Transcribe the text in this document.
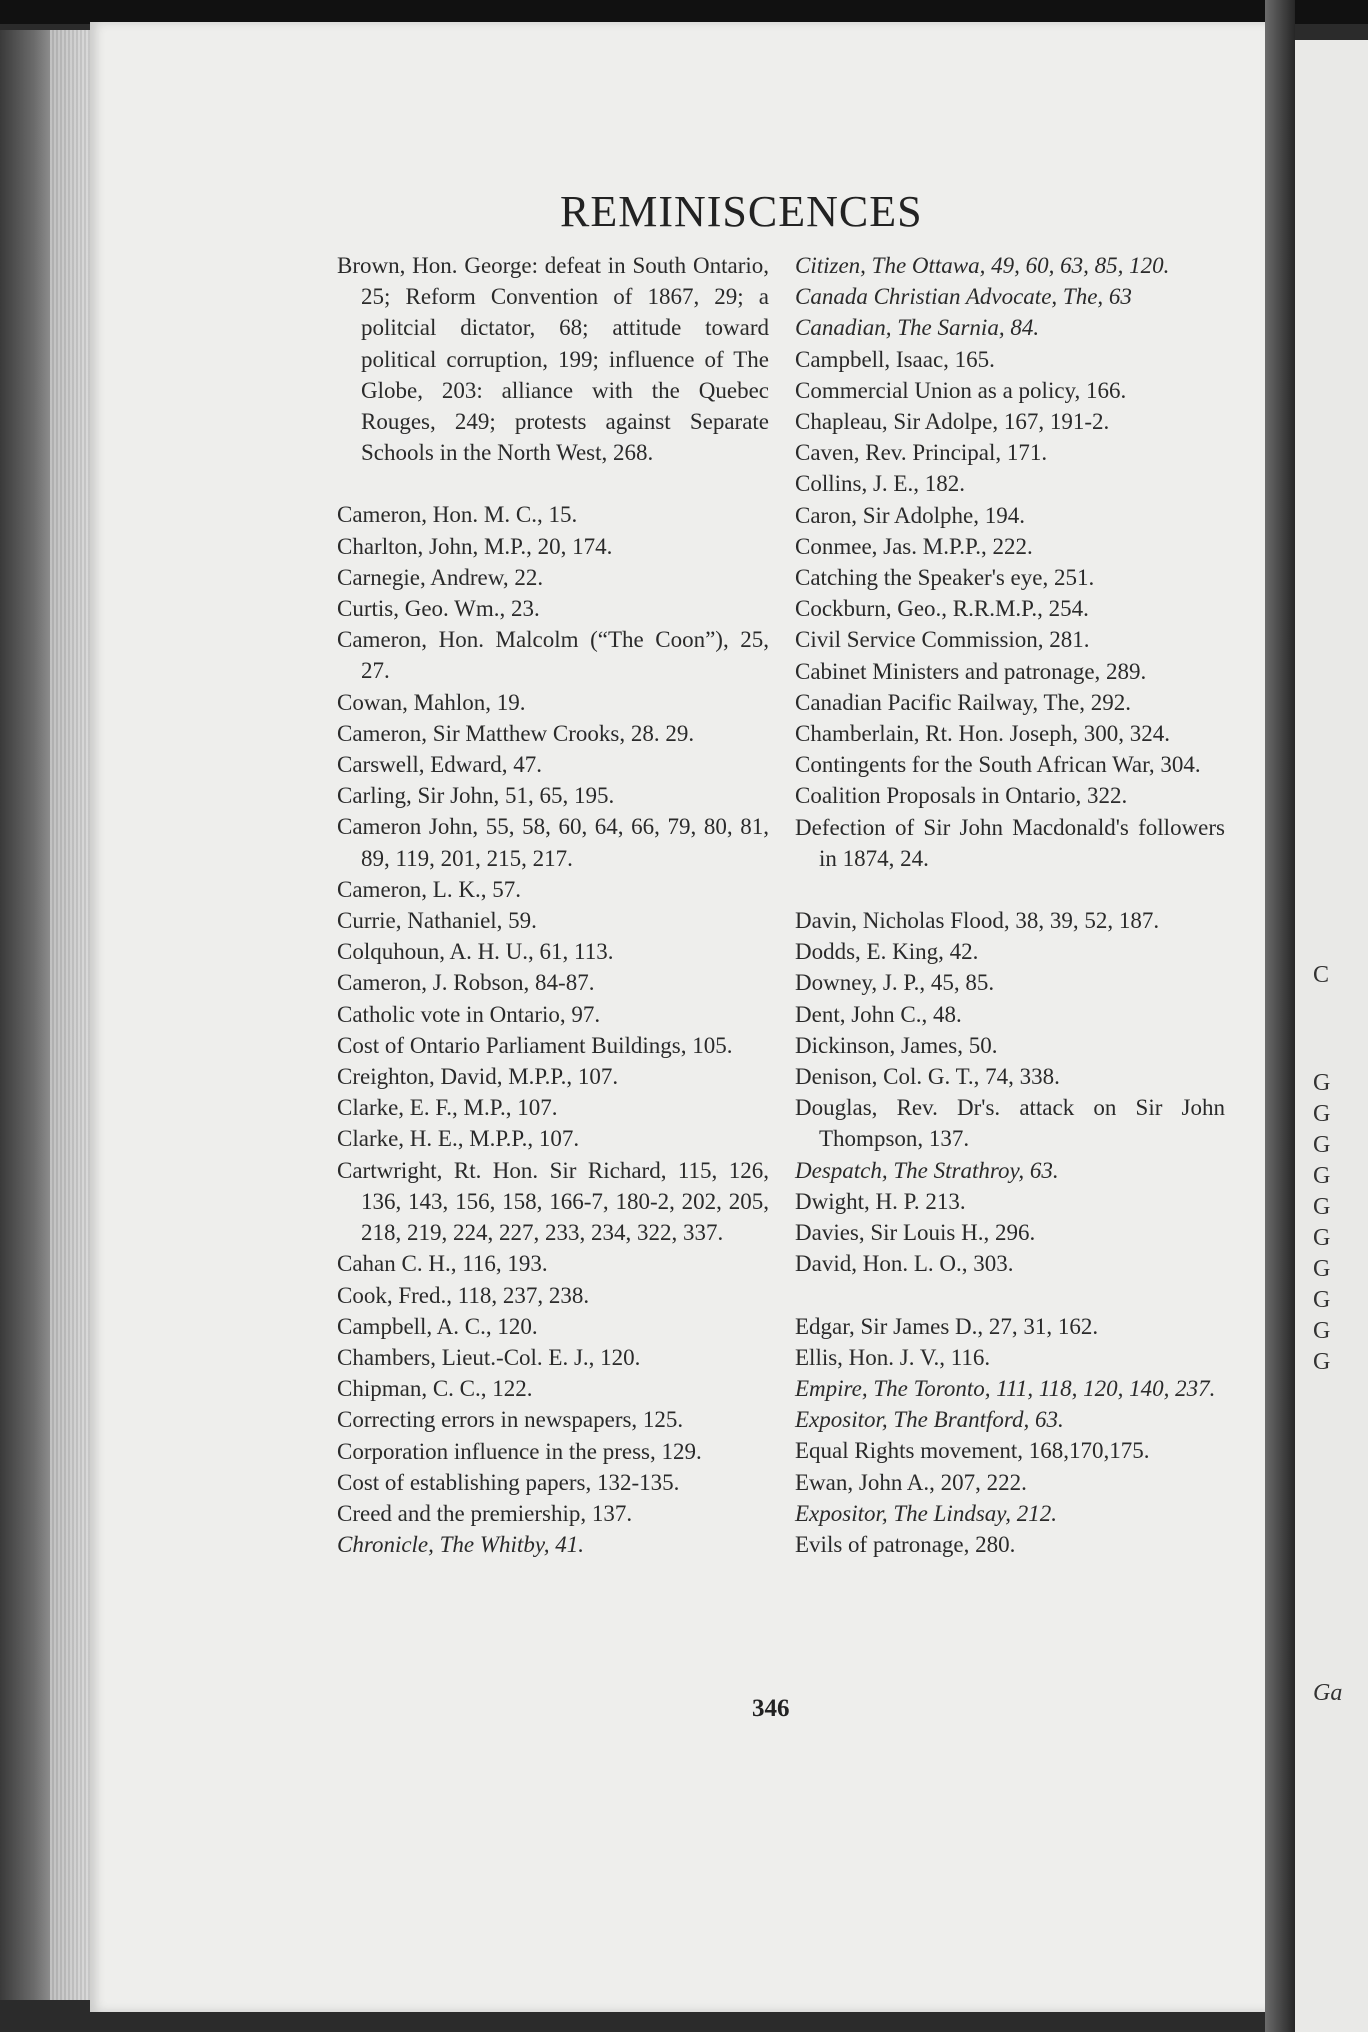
G
G
G
G
G
G
G
G
G
G
C
Ga
REMINISCENCES
Brown, Hon. George: defeat in South Ontario, 25; Reform Convention of 1867, 29; a politcial dictator, 68; attitude toward political corruption, 199; influence of The Globe, 203: alliance with the Quebec Rouges, 249; protests against Separate Schools in the North West, 268.
Cameron, Hon. M. C., 15.
Charlton, John, M.P., 20, 174.
Carnegie, Andrew, 22.
Curtis, Geo. Wm., 23.
Cameron, Hon. Malcolm (“The Coon”), 25, 27.
Cowan, Mahlon, 19.
Cameron, Sir Matthew Crooks, 28. 29.
Carswell, Edward, 47.
Carling, Sir John, 51, 65, 195.
Cameron John, 55, 58, 60, 64, 66, 79, 80, 81, 89, 119, 201, 215, 217.
Cameron, L. K., 57.
Currie, Nathaniel, 59.
Colquhoun, A. H. U., 61, 113.
Cameron, J. Robson, 84-87.
Catholic vote in Ontario, 97.
Cost of Ontario Parliament Buildings, 105.
Creighton, David, M.P.P., 107.
Clarke, E. F., M.P., 107.
Clarke, H. E., M.P.P., 107.
Cartwright, Rt. Hon. Sir Richard, 115, 126, 136, 143, 156, 158, 166-7, 180-2, 202, 205, 218, 219, 224, 227, 233, 234, 322, 337.
Cahan C. H., 116, 193.
Cook, Fred., 118, 237, 238.
Campbell, A. C., 120.
Chambers, Lieut.-Col. E. J., 120.
Chipman, C. C., 122.
Correcting errors in newspapers, 125.
Corporation influence in the press, 129.
Cost of establishing papers, 132-135.
Creed and the premiership, 137.
Chronicle, The Whitby, 41.
Citizen, The Ottawa, 49, 60, 63, 85, 120.
Canada Christian Advocate, The, 63
Canadian, The Sarnia, 84.
Campbell, Isaac, 165.
Commercial Union as a policy, 166.
Chapleau, Sir Adolpe, 167, 191-2.
Caven, Rev. Principal, 171.
Collins, J. E., 182.
Caron, Sir Adolphe, 194.
Conmee, Jas. M.P.P., 222.
Catching the Speaker's eye, 251.
Cockburn, Geo., R.R.M.P., 254.
Civil Service Commission, 281.
Cabinet Ministers and patronage, 289.
Canadian Pacific Railway, The, 292.
Chamberlain, Rt. Hon. Joseph, 300, 324.
Contingents for the South African War, 304.
Coalition Proposals in Ontario, 322.
Defection of Sir John Macdonald's followers in 1874, 24.
Davin, Nicholas Flood, 38, 39, 52, 187.
Dodds, E. King, 42.
Downey, J. P., 45, 85.
Dent, John C., 48.
Dickinson, James, 50.
Denison, Col. G. T., 74, 338.
Douglas, Rev. Dr's. attack on Sir John Thompson, 137.
Despatch, The Strathroy, 63.
Dwight, H. P. 213.
Davies, Sir Louis H., 296.
David, Hon. L. O., 303.
Edgar, Sir James D., 27, 31, 162.
Ellis, Hon. J. V., 116.
Empire, The Toronto, 111, 118, 120, 140, 237.
Expositor, The Brantford, 63.
Equal Rights movement, 168,170,175.
Ewan, John A., 207, 222.
Expositor, The Lindsay, 212.
Evils of patronage, 280.
346
